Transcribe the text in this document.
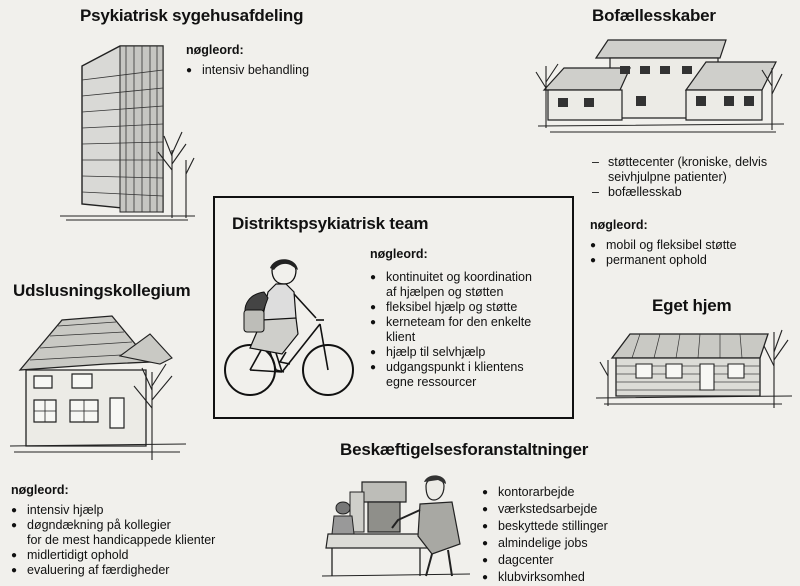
Psykiatrisk sygehusafdeling
nøgleord:
● intensiv behandling
Bofællesskaber
– støttecenter (kroniske, delvis
seivhjulpne patienter)
– bofællesskab
nøgleord:
● mobil og fleksibel støtte
● permanent ophold
Distriktspsykiatrisk team
nøgleord:
● kontinuitet og koordination
af hjælpen og støtten
● fleksibel hjælp og støtte
● kerneteam for den enkelte
klient
● hjælp til selvhjælp
● udgangspunkt i klientens
egne ressourcer
Udslusningskollegium
nøgleord:
● intensiv hjælp
● døgndækning på kollegier
for de mest handicappede klienter
● midlertidigt ophold
● evaluering af færdigheder
Eget hjem
Beskæftigelsesforanstaltninger
● kontorarbejde
● værkstedsarbejde
● beskyttede stillinger
● almindelige jobs
● dagcenter
● klubvirksomhed
